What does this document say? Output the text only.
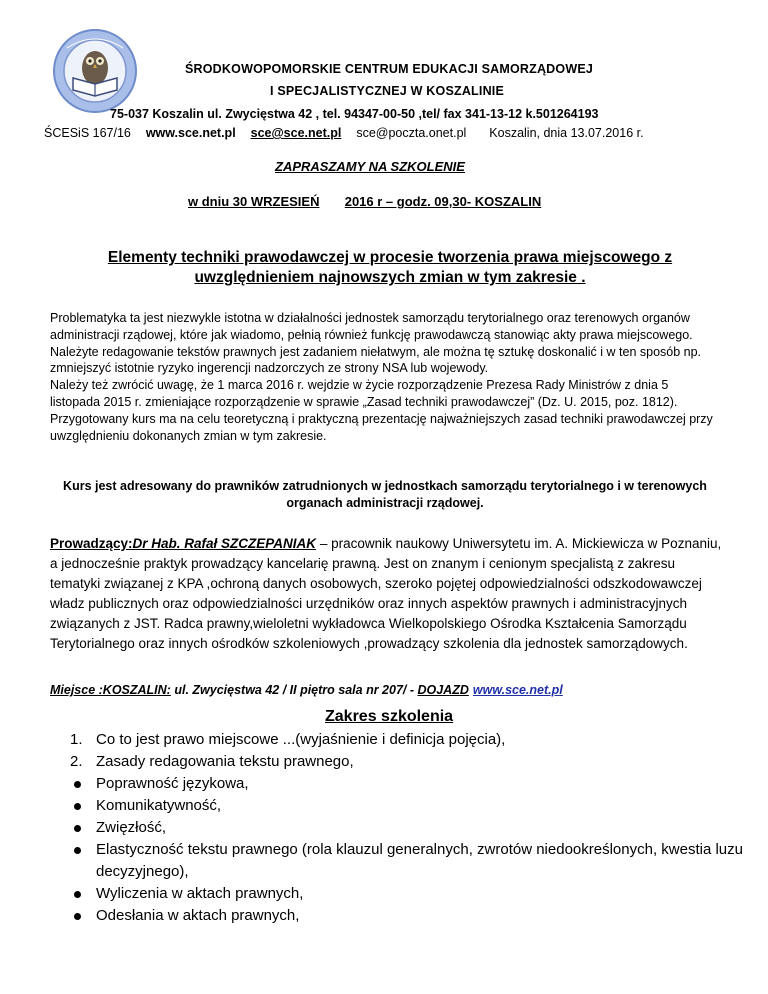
ŚRODKOWOPOMORSKIE CENTRUM EDUKACJI SAMORZĄDOWEJ
I SPECJALISTYCZNEJ W KOSZALINIE
75-037 Koszalin ul. Zwycięstwa 42 , tel. 94347-00-50 ,tel/ fax 341-13-12 k.501264193
ŚCESiS 167/16 www.sce.net.pl sce@sce.net.pl sce@poczta.onet.pl Koszalin, dnia 13.07.2016 r.
ZAPRASZAMY NA SZKOLENIE
w dniu 30 WRZESIEŃ 2016 r – godz. 09,30- KOSZALIN
Elementy techniki prawodawczej w procesie tworzenia prawa miejscowego z uwzględnieniem najnowszych zmian w tym zakresie .

Problematyka ta jest niezwykle istotna w działalności jednostek samorządu terytorialnego oraz terenowych organów administracji rządowej, które jak wiadomo, pełnią również funkcję prawodawczą stanowiąc akty prawa miejscowego. Należyte redagowanie tekstów prawnych jest zadaniem niełatwym, ale można tę sztukę doskonalić i w ten sposób np. zmniejszyć istotnie ryzyko ingerencji nadzorczych ze strony NSA lub wojewody.

Należy też zwrócić uwagę, że 1 marca 2016 r. wejdzie w życie rozporządzenie Prezesa Rady Ministrów z dnia 5 listopada 2015 r. zmieniające rozporządzenie w sprawie „Zasad techniki prawodawczej” (Dz. U. 2015, poz. 1812).

Przygotowany kurs ma na celu teoretyczną i praktyczną prezentację najważniejszych zasad techniki prawodawczej przy uwzględnieniu dokonanych zmian w tym zakresie.

Kurs jest adresowany do prawników zatrudnionych w jednostkach samorządu terytorialnego i w terenowych organach administracji rządowej.
Prowadzący:Dr Hab. Rafał SZCZEPANIAK – pracownik naukowy Uniwersytetu im. A. Mickiewicza w Poznaniu, a jednocześnie praktyk prowadzący kancelarię prawną. Jest on znanym i cenionym specjalistą z zakresu tematyki związanej z KPA ,ochroną danych osobowych, szeroko pojętej odpowiedzialności odszkodowawczej władz publicznych oraz odpowiedzialności urzędników oraz innych aspektów prawnych i administracyjnych związanych z JST. Radca prawny,wieloletni wykładowca Wielkopolskiego Ośrodka Kształcenia Samorządu Terytorialnego oraz innych ośrodków szkoleniowych ,prowadzący szkolenia dla jednostek samorządowych.
Miejsce :KOSZALIN: ul. Zwycięstwa 42 / II piętro sala nr 207/ - DOJAZD www.sce.net.pl
Zakres szkolenia
1. Co to jest prawo miejscowe ...(wyjaśnienie i definicja pojęcia),
2. Zasady redagowania tekstu prawnego,
Poprawność językowa,
Komunikatywność,
Zwięzłość,
Elastyczność tekstu prawnego (rola klauzul generalnych, zwrotów niedookreślonych, kwestia luzu decyzyjnego),
Wyliczenia w aktach prawnych,
Odesłania w aktach prawnych,
